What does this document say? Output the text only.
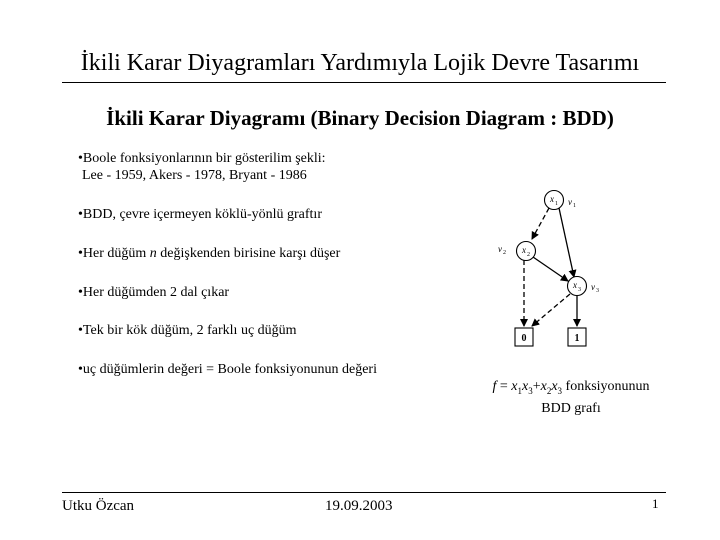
İkili Karar Diyagramları Yardımıyla Lojik Devre Tasarımı
İkili Karar Diyagramı (Binary Decision Diagram : BDD)
•Boole fonksiyonlarının bir gösterilim şekli:
Lee - 1959, Akers - 1978, Bryant - 1986
•BDD, çevre içermeyen köklü-yönlü graftır
•Her düğüm n değişkenden birisine karşı düşer
•Her düğümden 2 dal çıkar
•Tek bir kök düğüm, 2 farklı uç düğüm
•uç düğümlerin değeri = Boole fonksiyonunun değeri
x 1 v 1
x 2
v 2
x 3 v 3
0	1
$f = x_1x_3+x_2x_3$ fonksiyonunun
BDD grafı
Utku Özcan	19.09.2003	1
